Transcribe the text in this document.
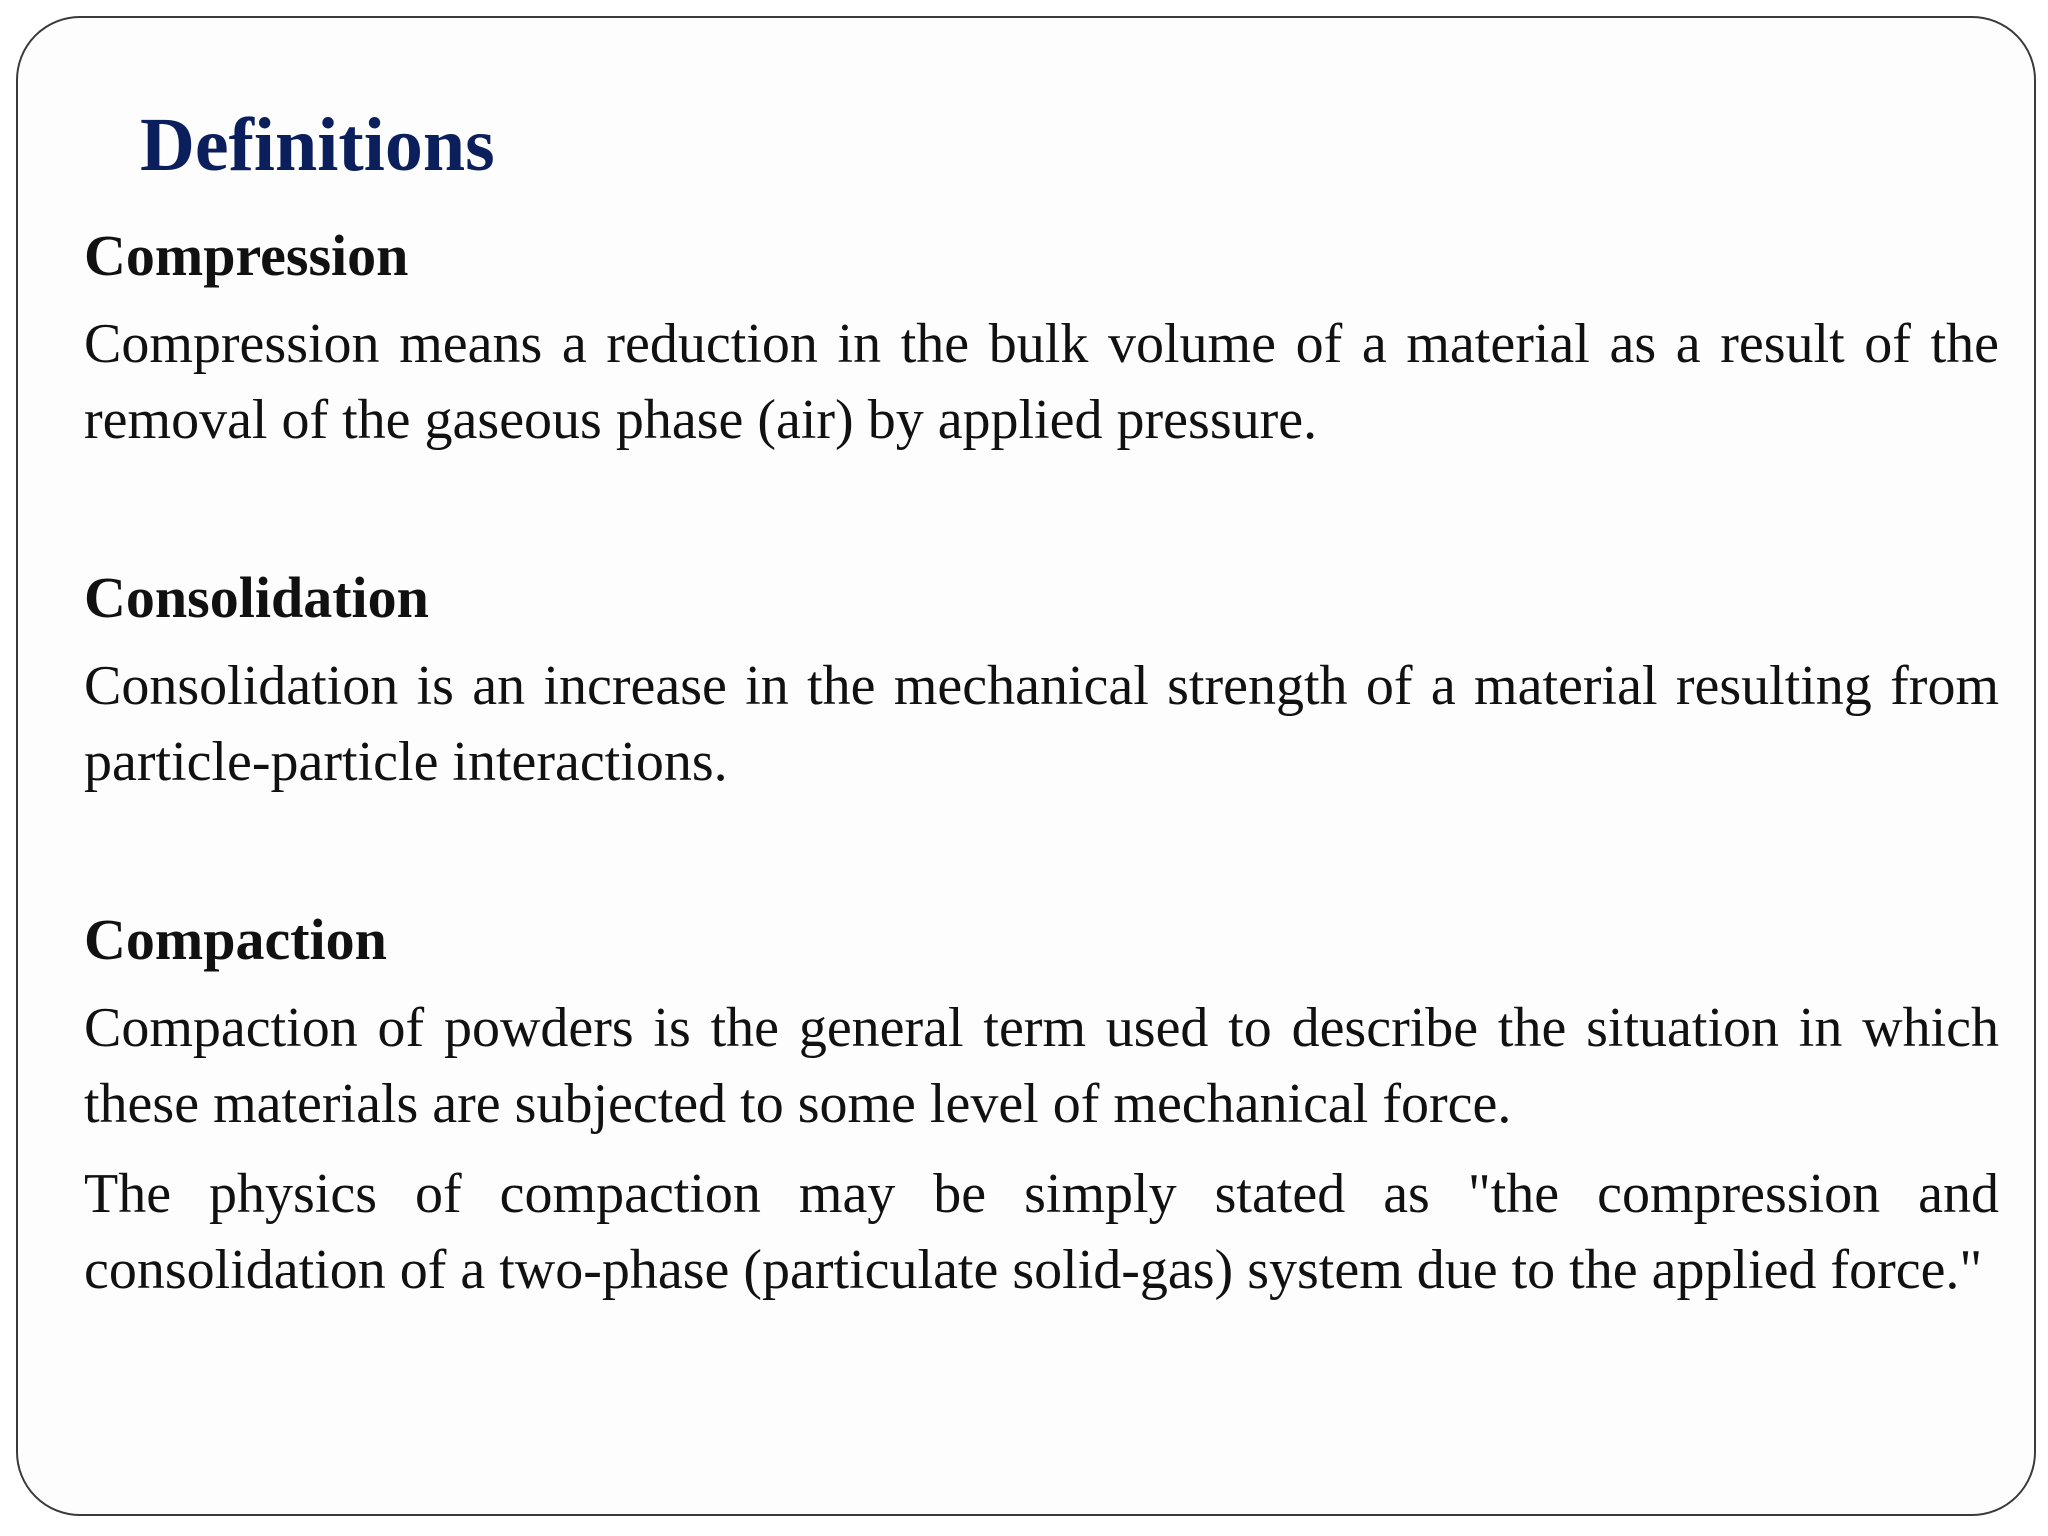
Definitions

Compression

Compression means a reduction in the bulk volume of a material as a result of the removal of the gaseous phase (air) by applied pressure.

Consolidation

Consolidation is an increase in the mechanical strength of a material resulting from particle-particle interactions.

Compaction

Compaction of powders is the general term used to describe the situation in which these materials are subjected to some level of mechanical force.

The physics of compaction may be simply stated as "the compression and consolidation of a two-phase (particulate solid-gas) system due to the applied force."
